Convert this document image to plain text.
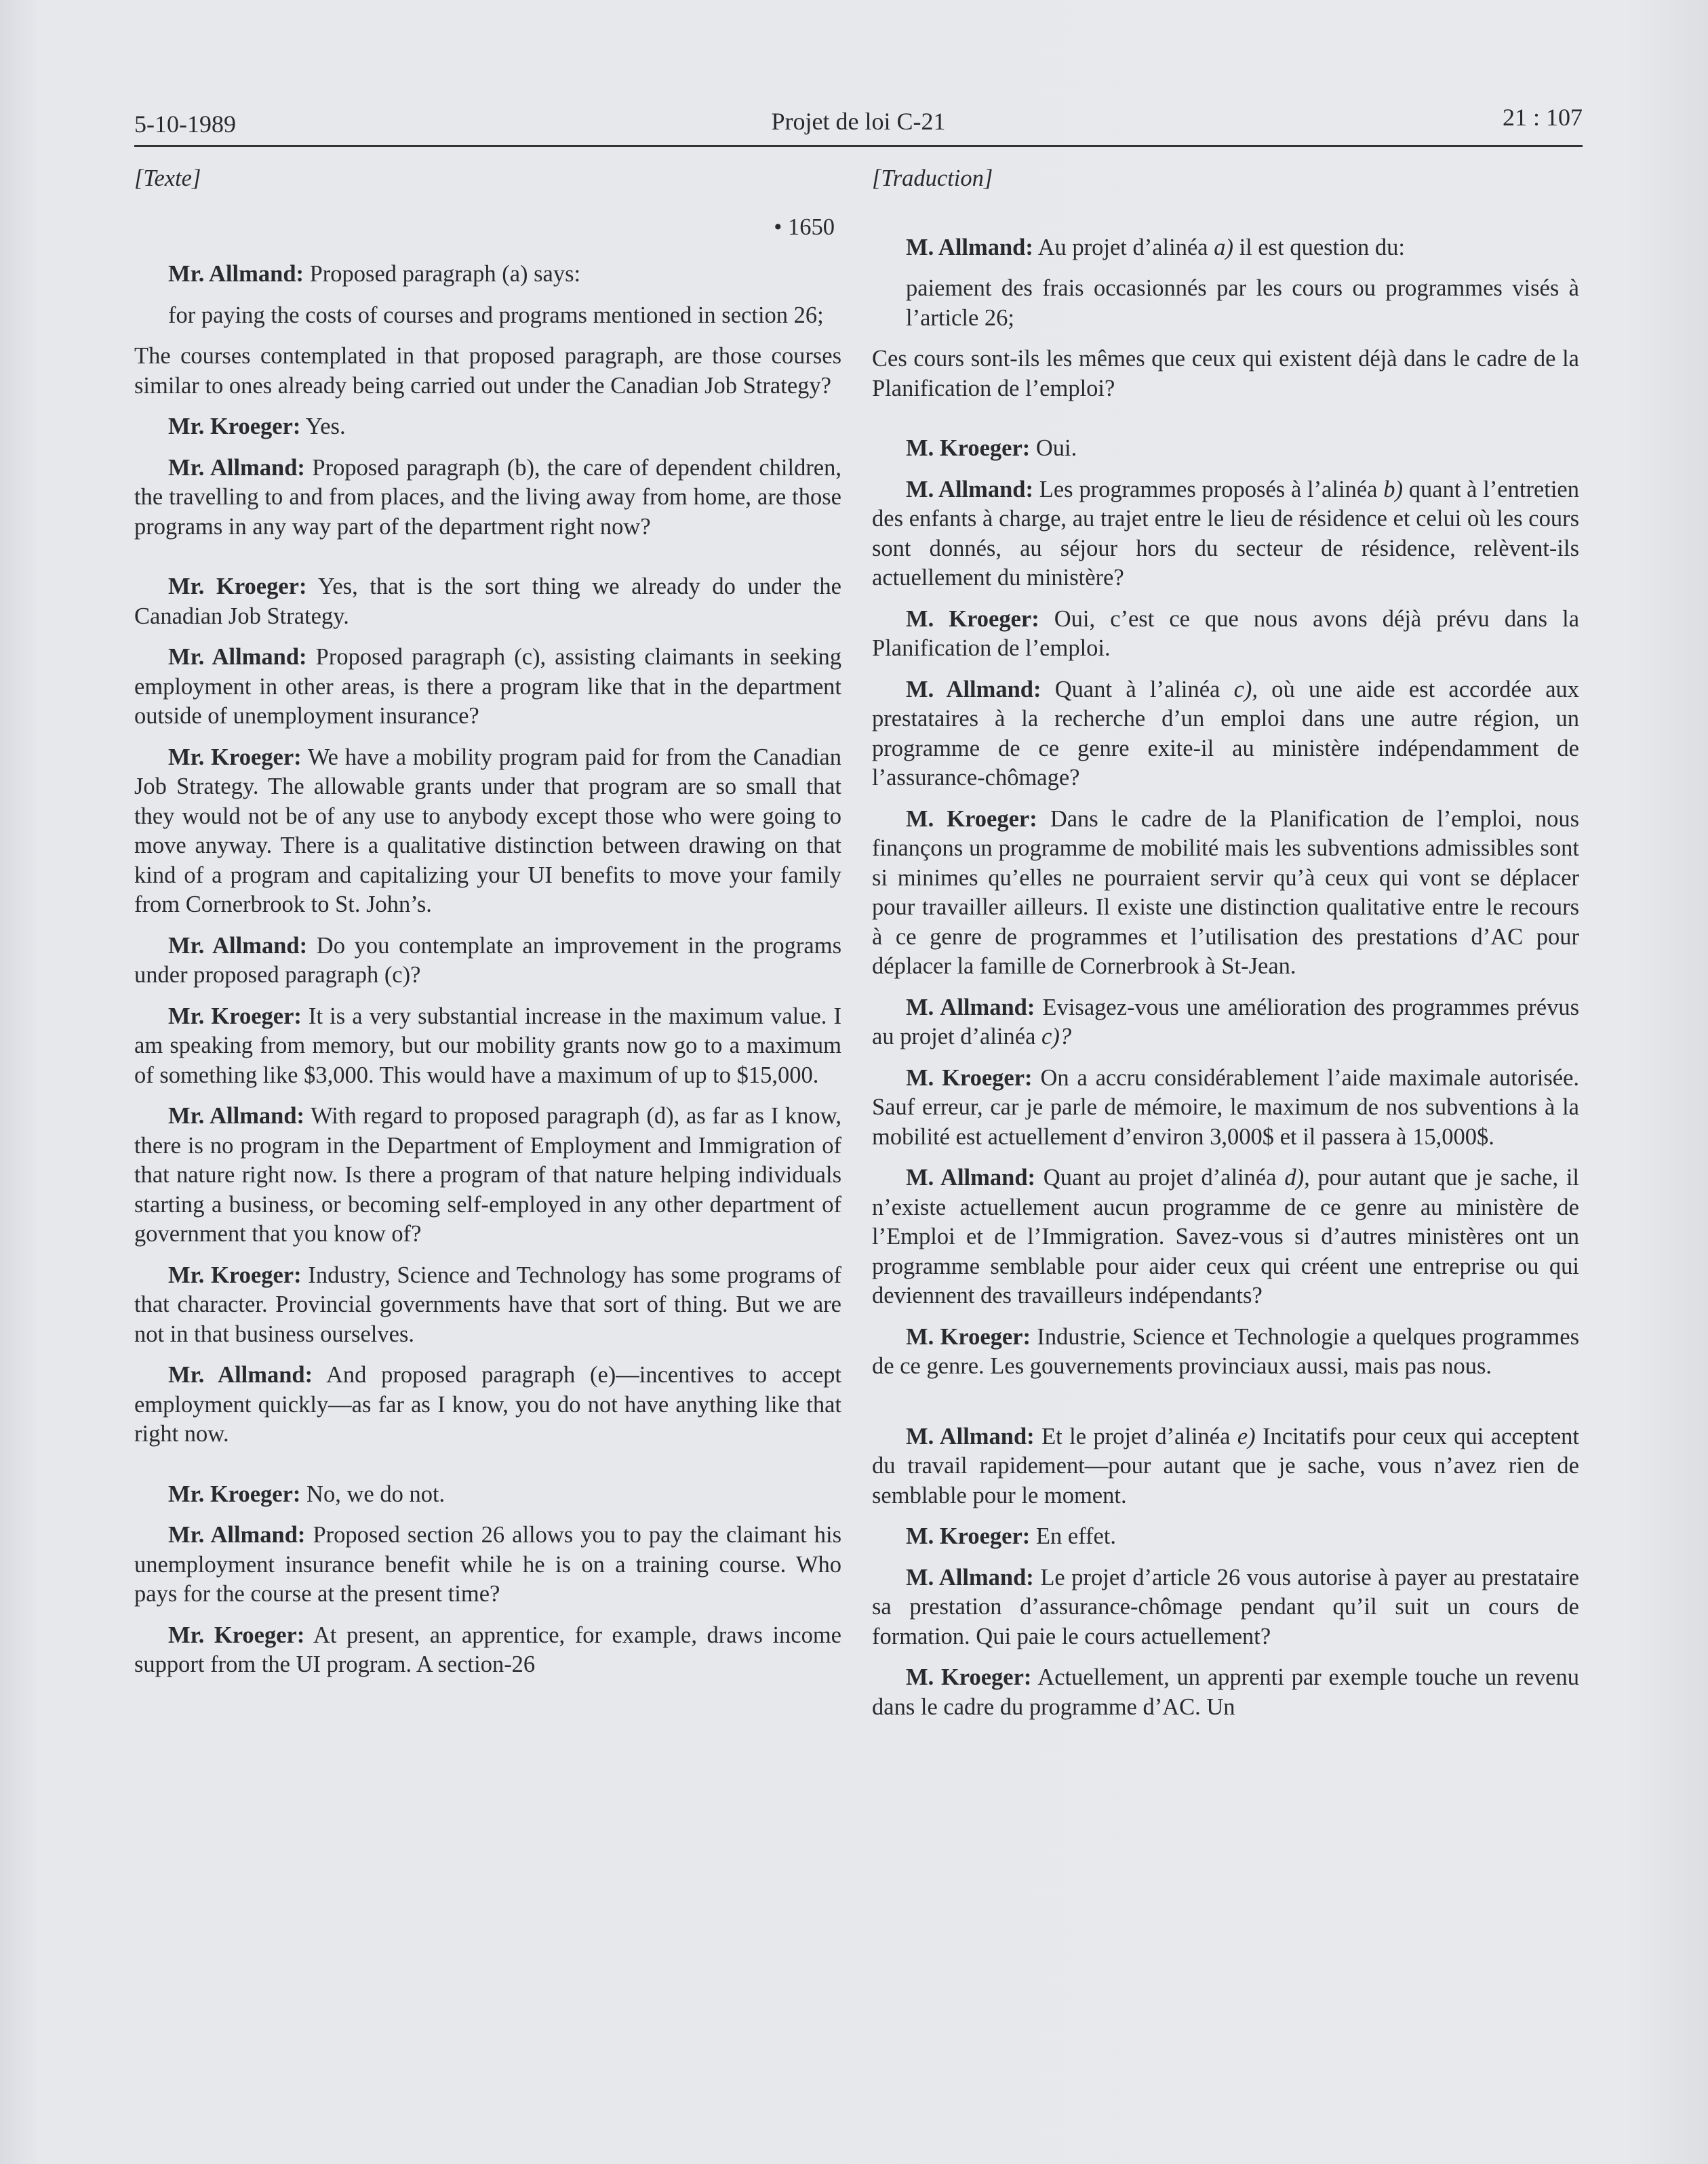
5-10-1989	Projet de loi C-21	21 : 107
[Texte]
• 1650

Mr. Allmand: Proposed paragraph (a) says:

for paying the costs of courses and programs mentioned in section 26;

The courses contemplated in that proposed paragraph, are those courses similar to ones already being carried out under the Canadian Job Strategy?

Mr. Kroeger: Yes.

Mr. Allmand: Proposed paragraph (b), the care of dependent children, the travelling to and from places, and the living away from home, are those programs in any way part of the department right now?

Mr. Kroeger: Yes, that is the sort thing we already do under the Canadian Job Strategy.

Mr. Allmand: Proposed paragraph (c), assisting claimants in seeking employment in other areas, is there a program like that in the department outside of unemployment insurance?

Mr. Kroeger: We have a mobility program paid for from the Canadian Job Strategy. The allowable grants under that program are so small that they would not be of any use to anybody except those who were going to move anyway. There is a qualitative distinction between drawing on that kind of a program and capitalizing your UI benefits to move your family from Cornerbrook to St. John’s.

Mr. Allmand: Do you contemplate an improvement in the programs under proposed paragraph (c)?

Mr. Kroeger: It is a very substantial increase in the maximum value. I am speaking from memory, but our mobility grants now go to a maximum of something like $3,000. This would have a maximum of up to $15,000.

Mr. Allmand: With regard to proposed paragraph (d), as far as I know, there is no program in the Department of Employment and Immigration of that nature right now. Is there a program of that nature helping individuals starting a business, or becoming self-employed in any other department of government that you know of?

Mr. Kroeger: Industry, Science and Technology has some programs of that character. Provincial governments have that sort of thing. But we are not in that business ourselves.

Mr. Allmand: And proposed paragraph (e)—incentives to accept employment quickly—as far as I know, you do not have anything like that right now.

Mr. Kroeger: No, we do not.

Mr. Allmand: Proposed section 26 allows you to pay the claimant his unemployment insurance benefit while he is on a training course. Who pays for the course at the present time?

Mr. Kroeger: At present, an apprentice, for example, draws income support from the UI program. A section-26

[Traduction]

M. Allmand: Au projet d’alinéa a) il est question du:

paiement des frais occasionnés par les cours ou programmes visés à l’article 26;

Ces cours sont-ils les mêmes que ceux qui existent déjà dans le cadre de la Planification de l’emploi?

M. Kroeger: Oui.

M. Allmand: Les programmes proposés à l’alinéa b) quant à l’entretien des enfants à charge, au trajet entre le lieu de résidence et celui où les cours sont donnés, au séjour hors du secteur de résidence, relèvent-ils actuellement du ministère?

M. Kroeger: Oui, c’est ce que nous avons déjà prévu dans la Planification de l’emploi.

M. Allmand: Quant à l’alinéa c), où une aide est accordée aux prestataires à la recherche d’un emploi dans une autre région, un programme de ce genre exite-il au ministère indépendamment de l’assurance-chômage?

M. Kroeger: Dans le cadre de la Planification de l’emploi, nous finançons un programme de mobilité mais les subventions admissibles sont si minimes qu’elles ne pourraient servir qu’à ceux qui vont se déplacer pour travailler ailleurs. Il existe une distinction qualitative entre le recours à ce genre de programmes et l’utilisation des prestations d’AC pour déplacer la famille de Cornerbrook à St-Jean.

M. Allmand: Evisagez-vous une amélioration des programmes prévus au projet d’alinéa c)?

M. Kroeger: On a accru considérablement l’aide maximale autorisée. Sauf erreur, car je parle de mémoire, le maximum de nos subventions à la mobilité est actuellement d’environ 3,000$ et il passera à 15,000$.

M. Allmand: Quant au projet d’alinéa d), pour autant que je sache, il n’existe actuellement aucun programme de ce genre au ministère de l’Emploi et de l’Immigration. Savez-vous si d’autres ministères ont un programme semblable pour aider ceux qui créent une entreprise ou qui deviennent des travailleurs indépendants?

M. Kroeger: Industrie, Science et Technologie a quelques programmes de ce genre. Les gouvernements provinciaux aussi, mais pas nous.

M. Allmand: Et le projet d’alinéa e) Incitatifs pour ceux qui acceptent du travail rapidement—pour autant que je sache, vous n’avez rien de semblable pour le moment.

M. Kroeger: En effet.

M. Allmand: Le projet d’article 26 vous autorise à payer au prestataire sa prestation d’assurance-chômage pendant qu’il suit un cours de formation. Qui paie le cours actuellement?

M. Kroeger: Actuellement, un apprenti par exemple touche un revenu dans le cadre du programme d’AC. Un
